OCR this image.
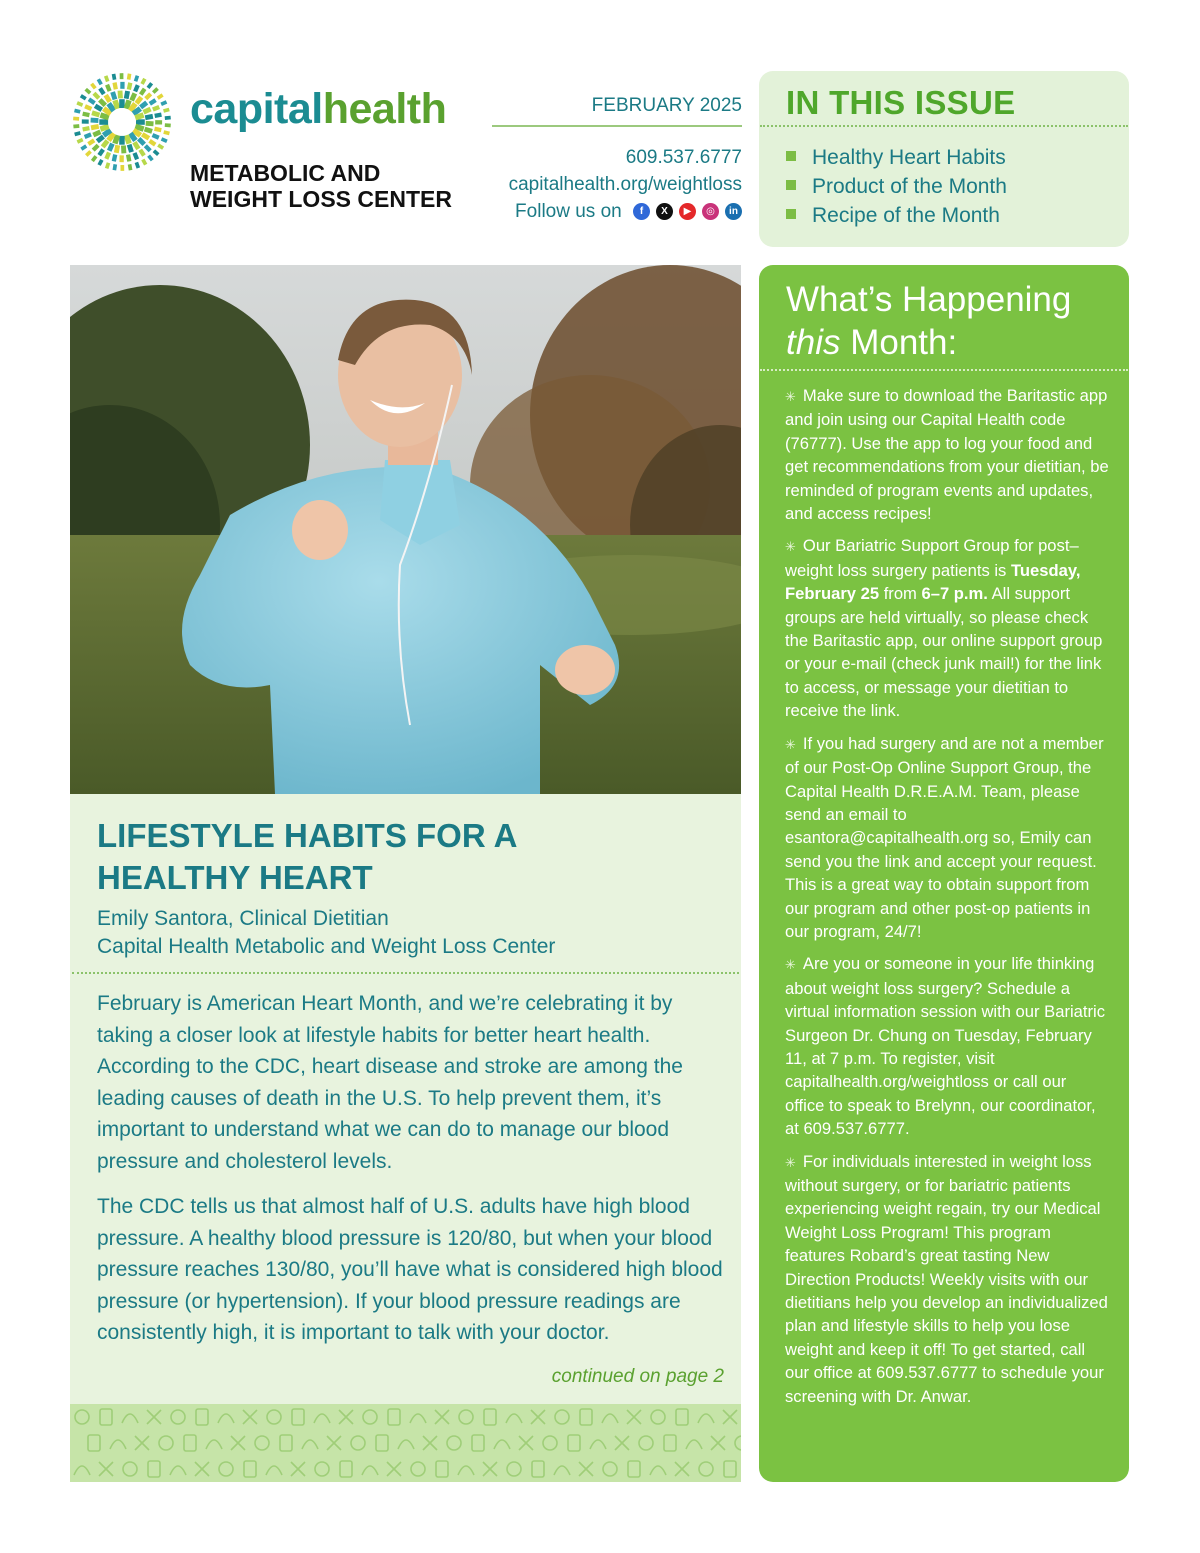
capitalhealth
METABOLIC AND
WEIGHT LOSS CENTER
FEBRUARY 2025
609.537.6777
capitalhealth.org/weightloss
Follow us on f X ▶ ◎ in
IN THIS ISSUE
Healthy Heart Habits
Product of the Month
Recipe of the Month
LIFESTYLE HABITS FOR A
HEALTHY HEART
Emily Santora, Clinical Dietitian
Capital Health Metabolic and Weight Loss Center

February is American Heart Month, and we’re celebrating it by taking a closer look at lifestyle habits for better heart health. According to the CDC, heart disease and stroke are among the leading causes of death in the U.S. To help prevent them, it’s important to understand what we can do to manage our blood pressure and cholesterol levels.

The CDC tells us that almost half of U.S. adults have high blood pressure. A healthy blood pressure is 120/80, but when your blood pressure reaches 130/80, you’ll have what is considered high blood pressure (or hypertension). If your blood pressure readings are consistently high, it is important to talk with your doctor.

continued on page 2
What’s Happening
this Month:
✳ Make sure to download the Baritastic app and join using our Capital Health code (76777). Use the app to log your food and get recommendations from your dietitian, be reminded of program events and updates, and access recipes!
✳ Our Bariatric Support Group for post–weight loss surgery patients is Tuesday, February 25 from 6–7 p.m. All support groups are held virtually, so please check the Baritastic app, our online support group or your e-mail (check junk mail!) for the link to access, or message your dietitian to receive the link.
✳ If you had surgery and are not a member of our Post-Op Online Support Group, the Capital Health D.R.E.A.M. Team, please send an email to esantora@capitalhealth.org so, Emily can send you the link and accept your request. This is a great way to obtain support from our program and other post-op patients in our program, 24/7!
✳ Are you or someone in your life thinking about weight loss surgery? Schedule a virtual information session with our Bariatric Surgeon Dr. Chung on Tuesday, February 11, at 7 p.m. To register, visit capitalhealth.org/weightloss or call our office to speak to Brelynn, our coordinator, at 609.537.6777.
✳ For individuals interested in weight loss without surgery, or for bariatric patients experiencing weight regain, try our Medical Weight Loss Program! This program features Robard’s great tasting New Direction Products! Weekly visits with our dietitians help you develop an individualized plan and lifestyle skills to help you lose weight and keep it off! To get started, call our office at 609.537.6777 to schedule your screening with Dr. Anwar.
